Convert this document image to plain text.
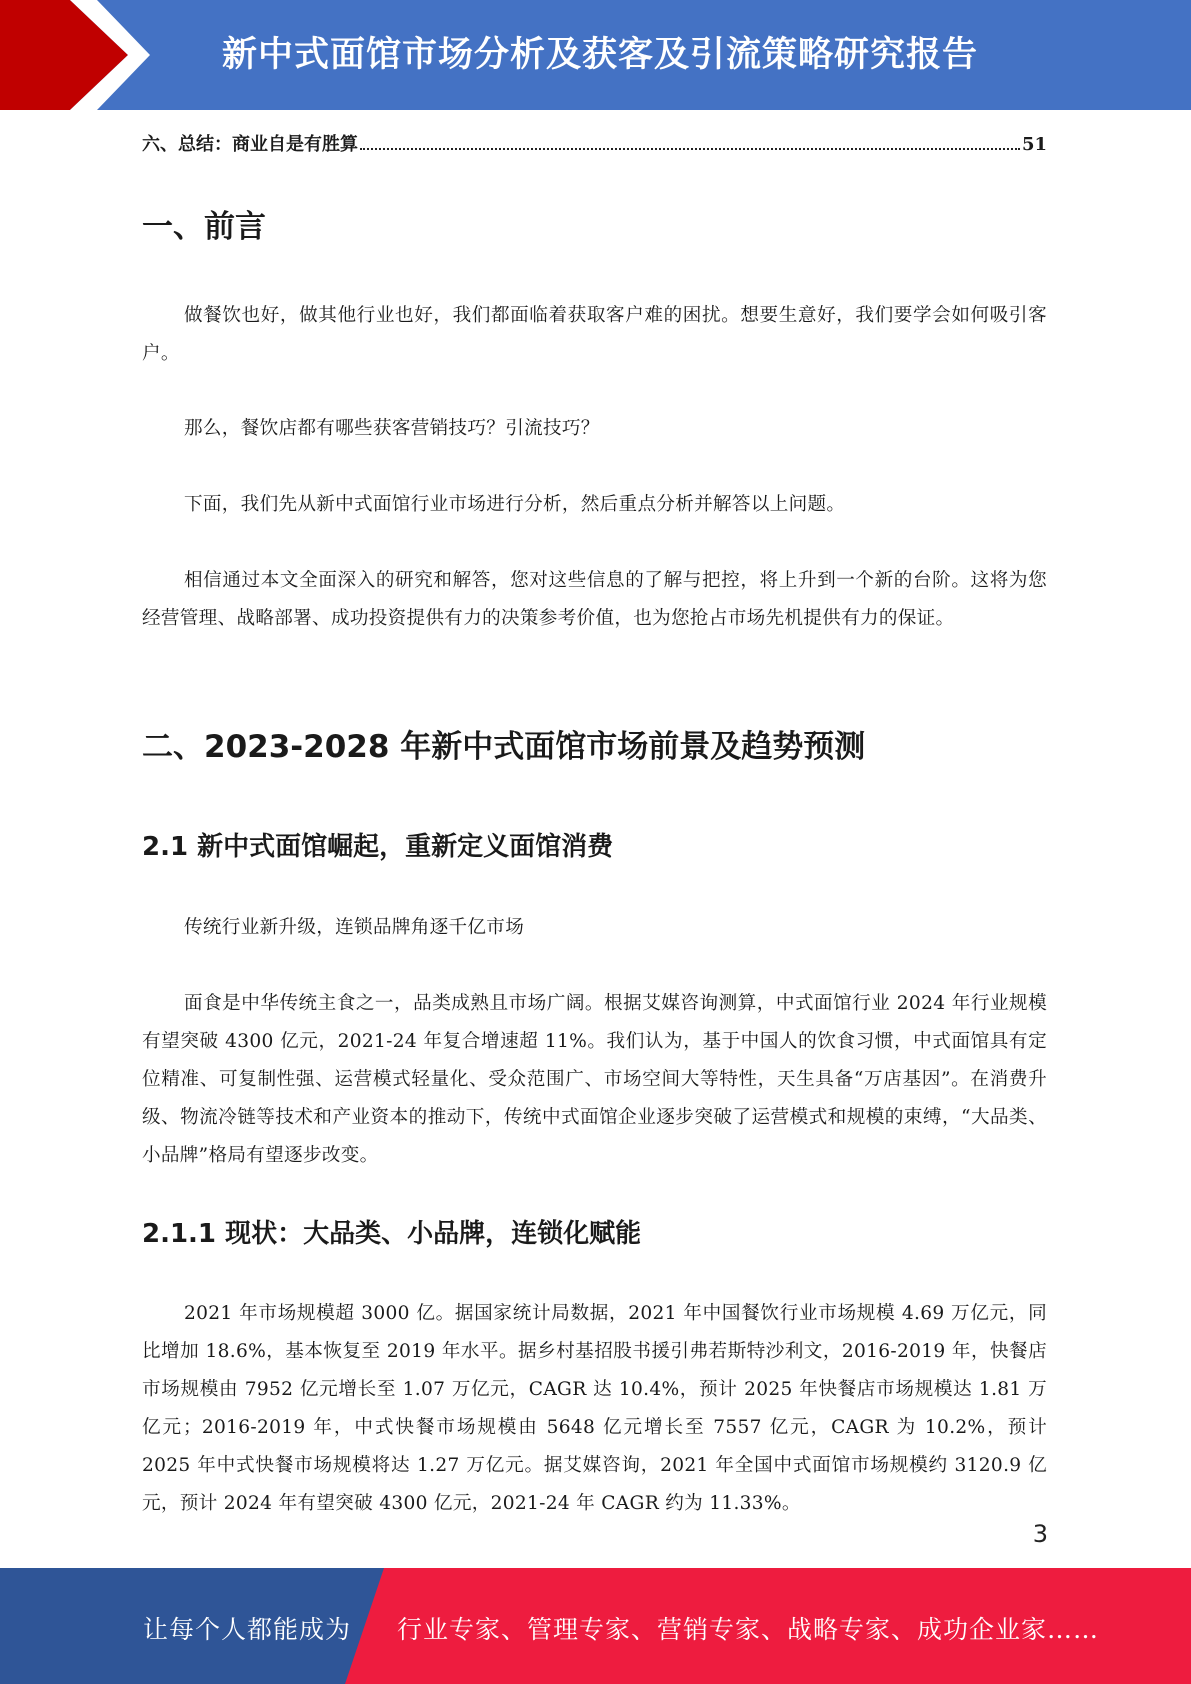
新中式面馆市场分析及获客及引流策略研究报告
六、总结：商业自是有胜算	51
一、前言

做餐饮也好，做其他行业也好，我们都面临着获取客户难的困扰。想要生意好，我们要学会如何吸引客户。

那么，餐饮店都有哪些获客营销技巧？引流技巧？

下面，我们先从新中式面馆行业市场进行分析，然后重点分析并解答以上问题。

相信通过本文全面深入的研究和解答，您对这些信息的了解与把控，将上升到一个新的台阶。这将为您经营管理、战略部署、成功投资提供有力的决策参考价值，也为您抢占市场先机提供有力的保证。

二、2023-2028 年新中式面馆市场前景及趋势预测
2.1 新中式面馆崛起，重新定义面馆消费

传统行业新升级，连锁品牌角逐千亿市场

面食是中华传统主食之一，品类成熟且市场广阔。根据艾媒咨询测算，中式面馆行业 2024 年行业规模有望突破 4300 亿元，2021-24 年复合增速超 11%。我们认为，基于中国人的饮食习惯，中式面馆具有定位精准、可复制性强、运营模式轻量化、受众范围广、市场空间大等特性，天生具备“万店基因”。在消费升级、物流冷链等技术和产业资本的推动下，传统中式面馆企业逐步突破了运营模式和规模的束缚，“大品类、小品牌”格局有望逐步改变。

2.1.1 现状：大品类、小品牌，连锁化赋能

2021 年市场规模超 3000 亿。据国家统计局数据，2021 年中国餐饮行业市场规模 4.69 万亿元，同比增加 18.6%，基本恢复至 2019 年水平。据乡村基招股书援引弗若斯特沙利文，2016-2019 年，快餐店市场规模由 7952 亿元增长至 1.07 万亿元，CAGR 达 10.4%，预计 2025 年快餐店市场规模达 1.81 万亿元；2016-2019 年，中式快餐市场规模由 5648 亿元增长至 7557 亿元，CAGR 为 10.2%，预计 2025 年中式快餐市场规模将达 1.27 万亿元。据艾媒咨询，2021 年全国中式面馆市场规模约 3120.9 亿元，预计 2024 年有望突破 4300 亿元，2021-24 年 CAGR 约为 11.33%。

3
让每个人都能成为 行业专家、管理专家、营销专家、战略专家、成功企业家……
